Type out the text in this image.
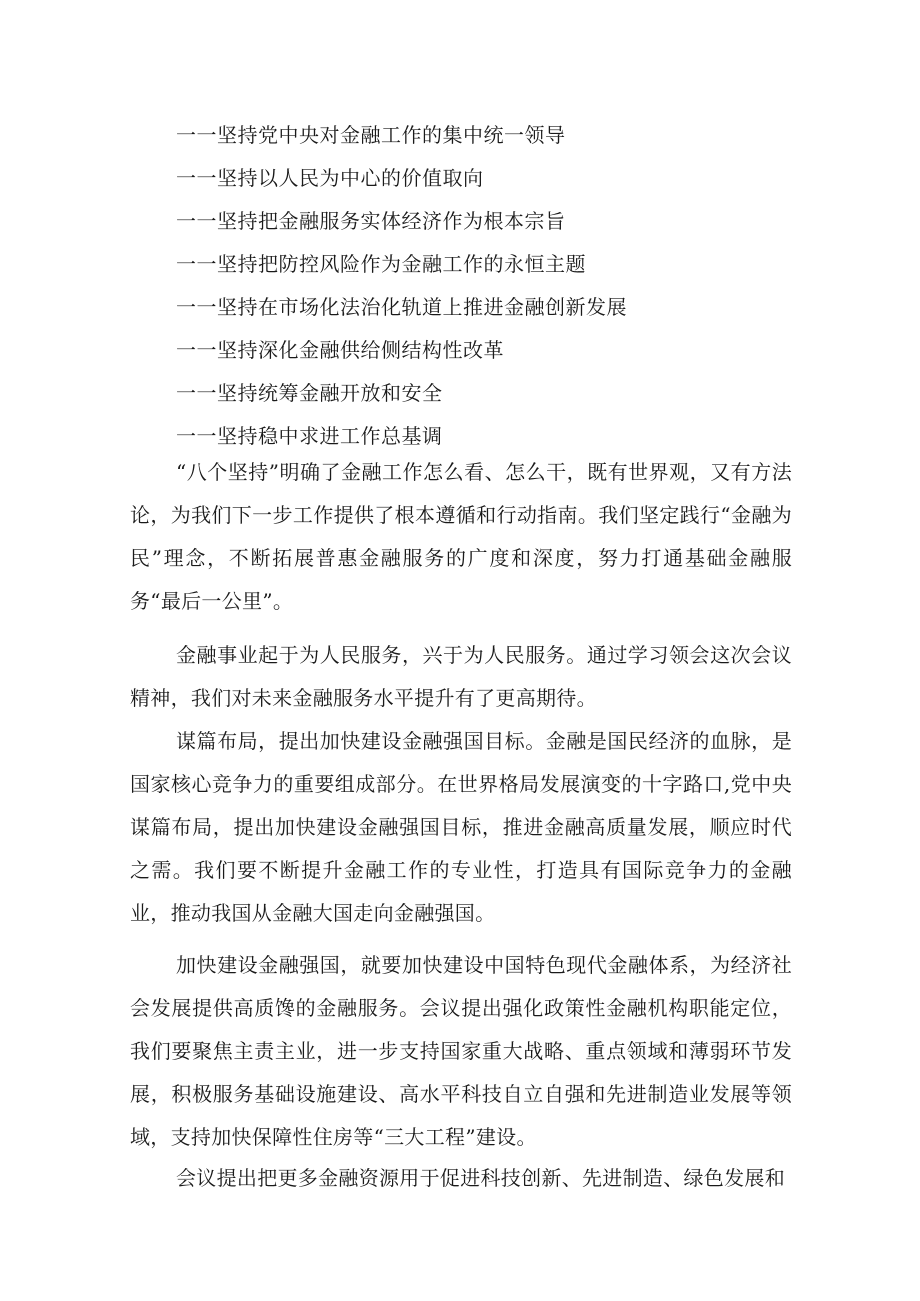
一一坚持党中央对金融工作的集中统一领导
一一坚持以人民为中心的价值取向
一一坚持把金融服务实体经济作为根本宗旨
一一坚持把防控风险作为金融工作的永恒主题
一一坚持在市场化法治化轨道上推进金融创新发展
一一坚持深化金融供给侧结构性改革
一一坚持统筹金融开放和安全
一一坚持稳中求进工作总基调
“八个坚持”明确了金融工作怎么看、怎么干，既有世界观，又有方法论，为我们下一步工作提供了根本遵循和行动指南。我们坚定践行“金融为民”理念，不断拓展普惠金融服务的广度和深度，努力打通基础金融服务“最后一公里”。
金融事业起于为人民服务，兴于为人民服务。通过学习领会这次会议精神，我们对未来金融服务水平提升有了更高期待。
谋篇布局，提出加快建设金融强国目标。金融是国民经济的血脉，是国家核心竞争力的重要组成部分。在世界格局发展演变的十字路口,党中央谋篇布局，提出加快建设金融强国目标，推进金融高质量发展，顺应时代之需。我们要不断提升金融工作的专业性，打造具有国际竞争力的金融业，推动我国从金融大国走向金融强国。
加快建设金融强国，就要加快建设中国特色现代金融体系，为经济社会发展提供高质馋的金融服务。会议提出强化政策性金融机构职能定位，我们要聚焦主责主业，进一步支持国家重大战略、重点领域和薄弱环节发展，积极服务基础设施建设、高水平科技自立自强和先进制造业发展等领域，支持加快保障性住房等“三大工程”建设。
会议提出把更多金融资源用于促进科技创新、先进制造、绿色发展和
